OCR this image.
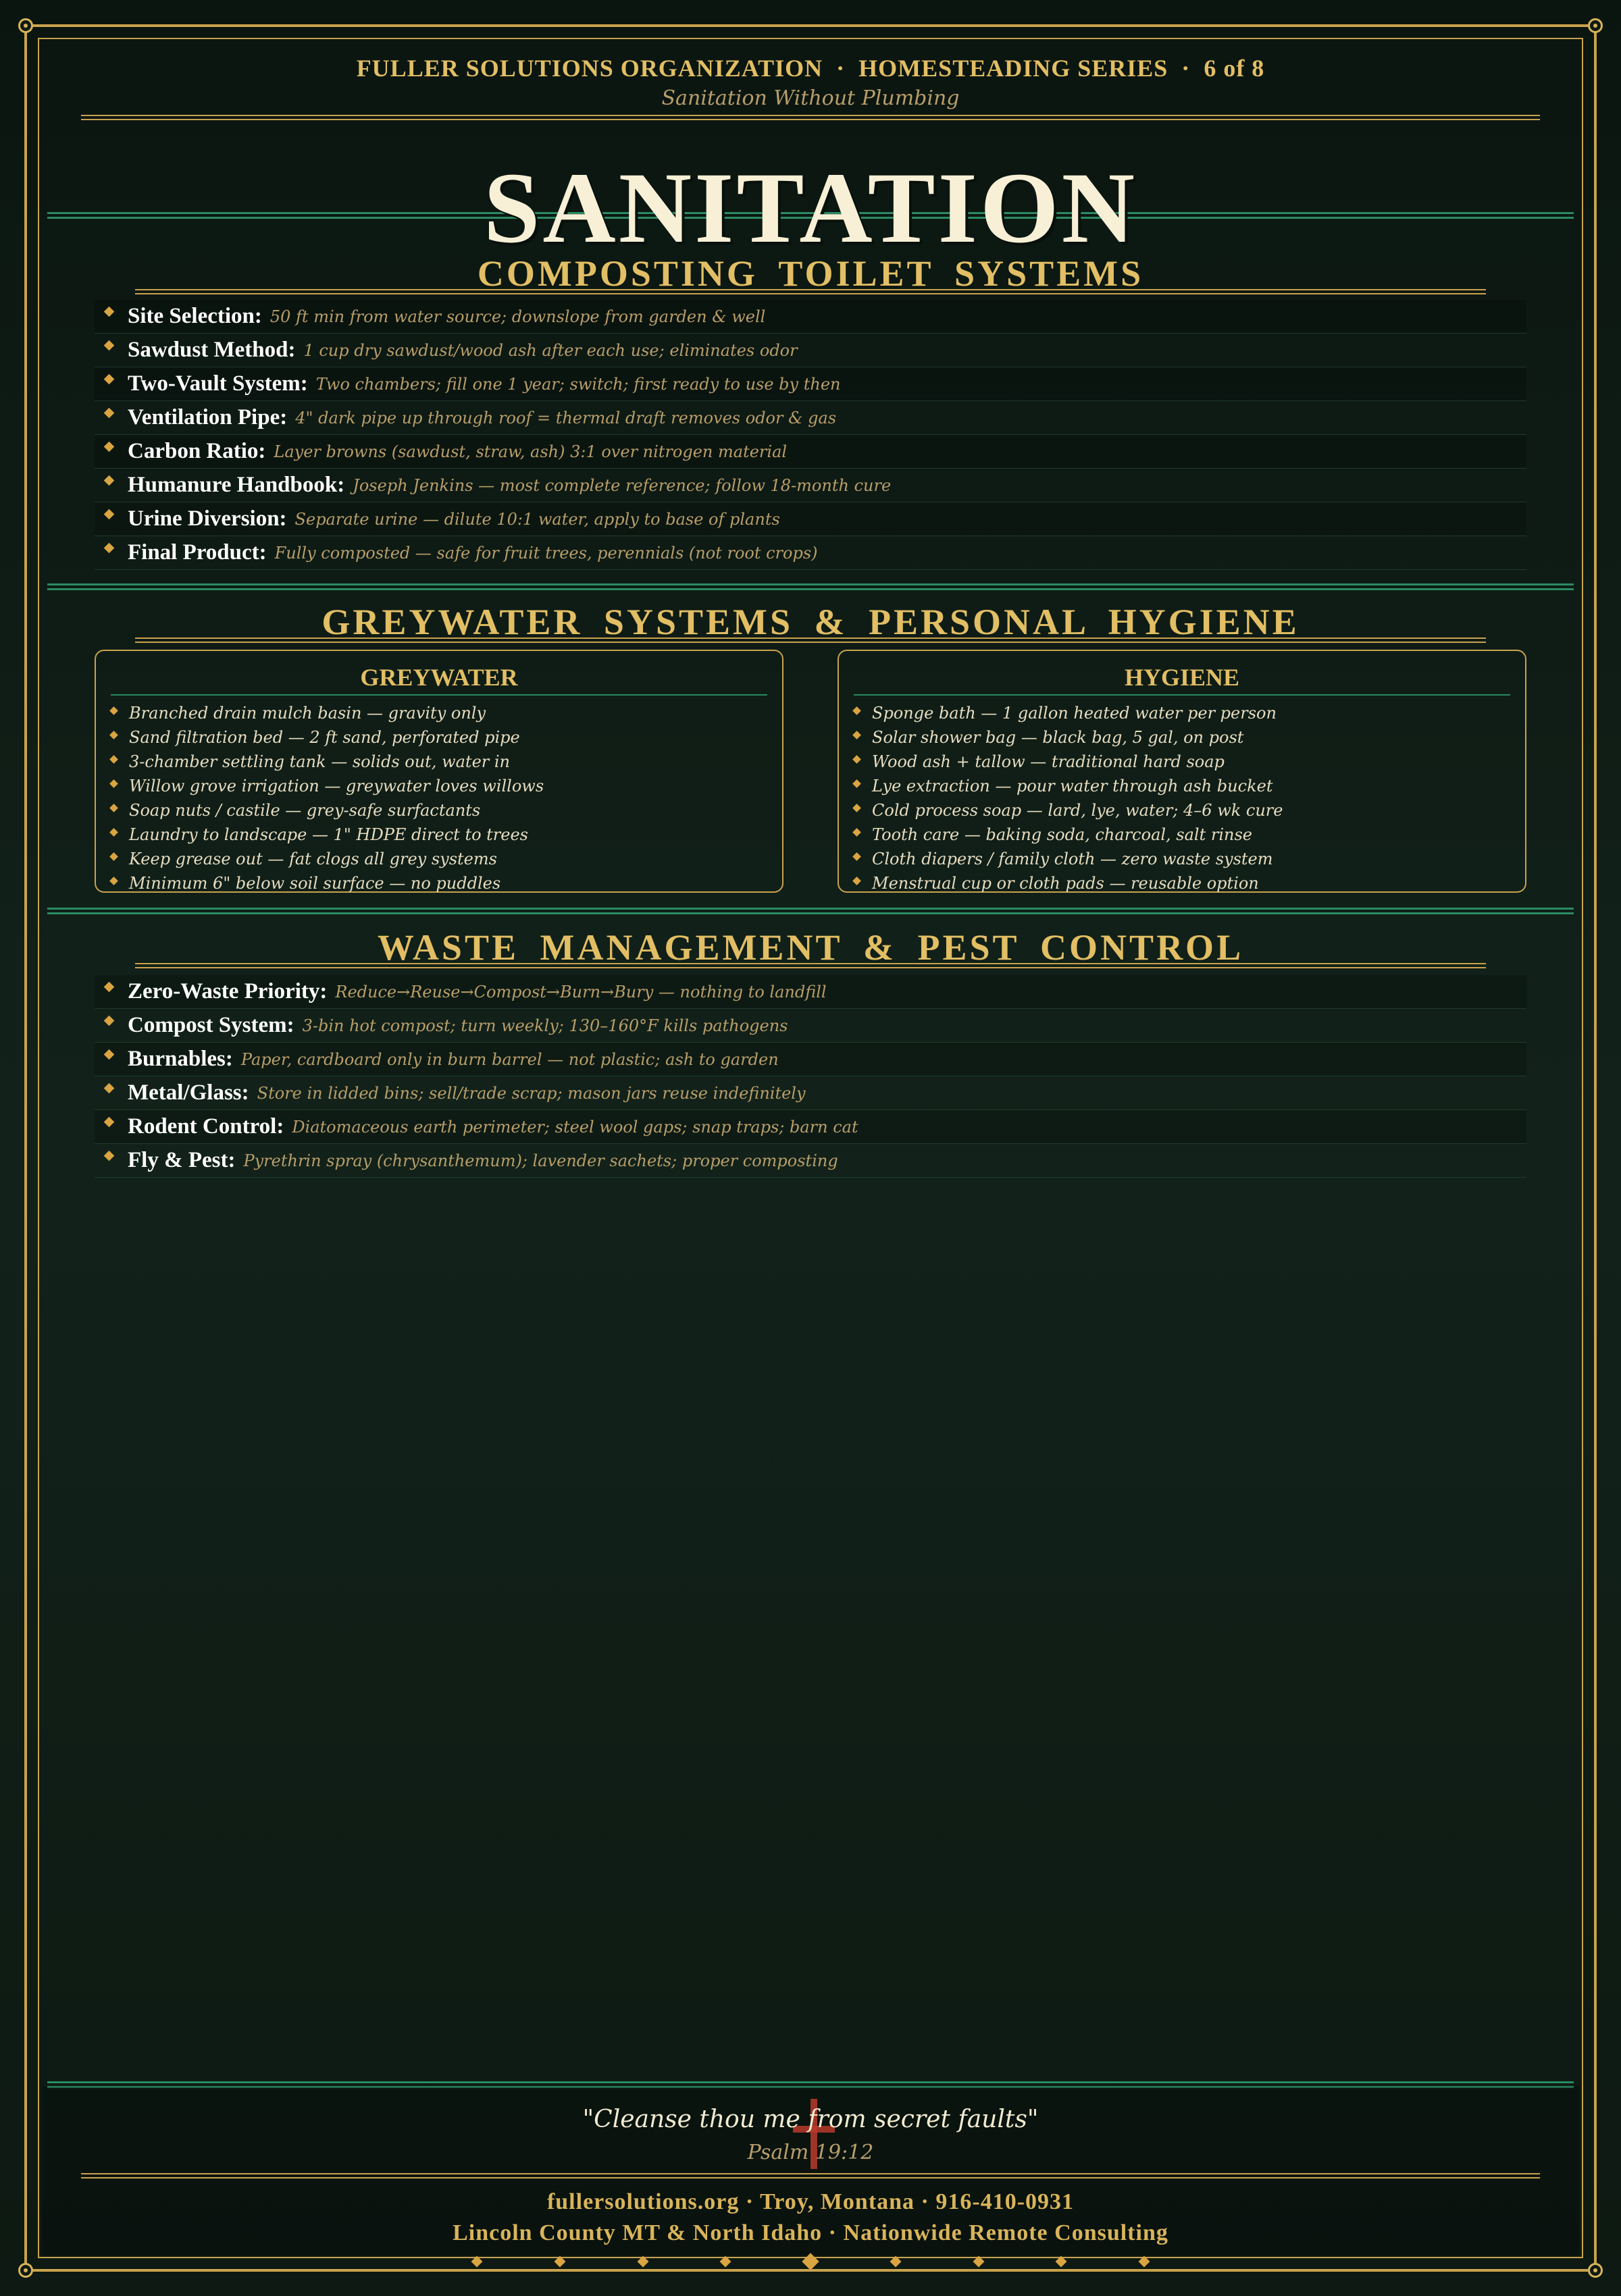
FULLER SOLUTIONS ORGANIZATION · HOMESTEADING SERIES · 6 of 8
Sanitation Without Plumbing
SANITATION
COMPOSTING TOILET SYSTEMS
Site Selection: 50 ft min from water source; downslope from garden & well
Sawdust Method: 1 cup dry sawdust/wood ash after each use; eliminates odor
Two-Vault System: Two chambers; fill one 1 year; switch; first ready to use by then
Ventilation Pipe: 4" dark pipe up through roof = thermal draft removes odor & gas
Carbon Ratio: Layer browns (sawdust, straw, ash) 3:1 over nitrogen material
Humanure Handbook: Joseph Jenkins — most complete reference; follow 18-month cure
Urine Diversion: Separate urine — dilute 10:1 water, apply to base of plants
Final Product: Fully composted — safe for fruit trees, perennials (not root crops)
GREYWATER SYSTEMS & PERSONAL HYGIENE
GREYWATER
Branched drain mulch basin — gravity only
Sand filtration bed — 2 ft sand, perforated pipe
3-chamber settling tank — solids out, water in
Willow grove irrigation — greywater loves willows
Soap nuts / castile — grey-safe surfactants
Laundry to landscape — 1" HDPE direct to trees
Keep grease out — fat clogs all grey systems
Minimum 6" below soil surface — no puddles
HYGIENE
Sponge bath — 1 gallon heated water per person
Solar shower bag — black bag, 5 gal, on post
Wood ash + tallow — traditional hard soap
Lye extraction — pour water through ash bucket
Cold process soap — lard, lye, water; 4–6 wk cure
Tooth care — baking soda, charcoal, salt rinse
Cloth diapers / family cloth — zero waste system
Menstrual cup or cloth pads — reusable option
WASTE MANAGEMENT & PEST CONTROL
Zero-Waste Priority: Reduce→Reuse→Compost→Burn→Bury — nothing to landfill
Compost System: 3-bin hot compost; turn weekly; 130–160°F kills pathogens
Burnables: Paper, cardboard only in burn barrel — not plastic; ash to garden
Metal/Glass: Store in lidded bins; sell/trade scrap; mason jars reuse indefinitely
Rodent Control: Diatomaceous earth perimeter; steel wool gaps; snap traps; barn cat
Fly & Pest: Pyrethrin spray (chrysanthemum); lavender sachets; proper composting
"Cleanse thou me from secret faults"
Psalm 19:12
fullersolutions.org · Troy, Montana · 916-410-0931
Lincoln County MT & North Idaho · Nationwide Remote Consulting
